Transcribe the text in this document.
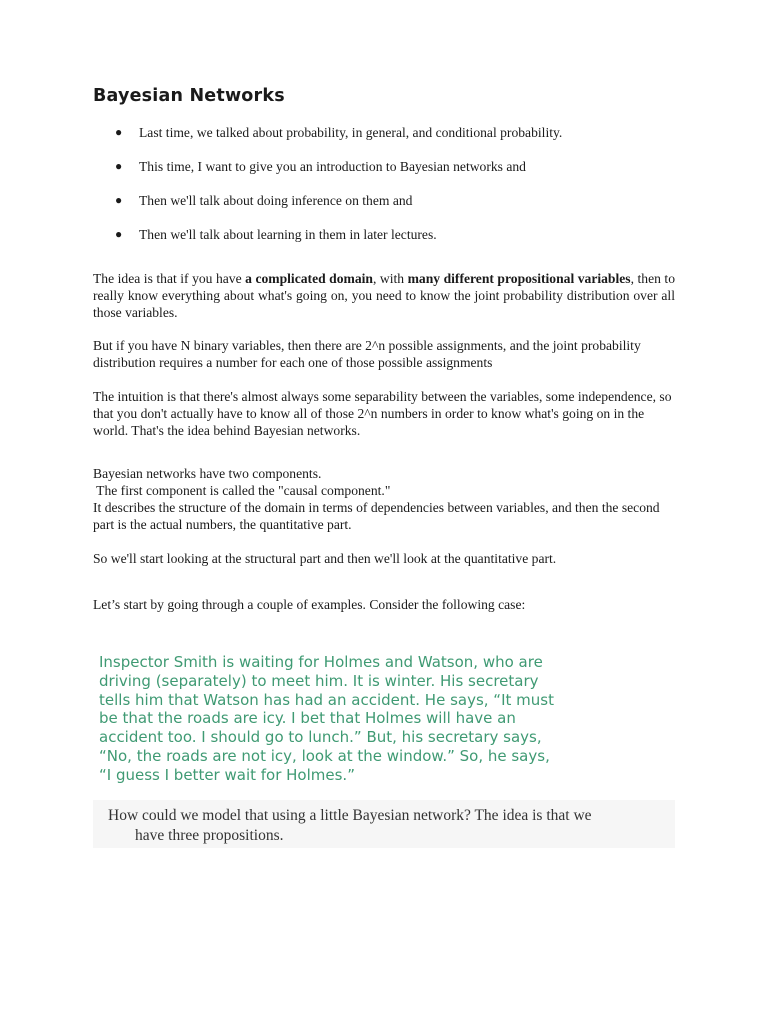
Bayesian Networks
● Last time, we talked about probability, in general, and conditional probability.
● This time, I want to give you an introduction to Bayesian networks and
● Then we'll talk about doing inference on them and
● Then we'll talk about learning in them in later lectures.

The idea is that if you have a complicated domain, with many different propositional variables, then to really know everything about what's going on, you need to know the joint probability distribution over all those variables.

But if you have N binary variables, then there are 2^n possible assignments, and the joint probability distribution requires a number for each one of those possible assignments

The intuition is that there's almost always some separability between the variables, some independence, so that you don't actually have to know all of those 2^n numbers in order to know what's going on in the world. That's the idea behind Bayesian networks.

Bayesian networks have two components.
The first component is called the "causal component."
It describes the structure of the domain in terms of dependencies between variables, and then the second part is the actual numbers, the quantitative part.

So we'll start looking at the structural part and then we'll look at the quantitative part.

Let’s start by going through a couple of examples. Consider the following case:

Inspector Smith is waiting for Holmes and Watson, who are
driving (separately) to meet him. It is winter. His secretary
tells him that Watson has had an accident. He says, “It must
be that the roads are icy. I bet that Holmes will have an
accident too. I should go to lunch.” But, his secretary says,
“No, the roads are not icy, look at the window.” So, he says,
“I guess I better wait for Holmes.”
How could we model that using a little Bayesian network? The idea is that we
have three propositions.
